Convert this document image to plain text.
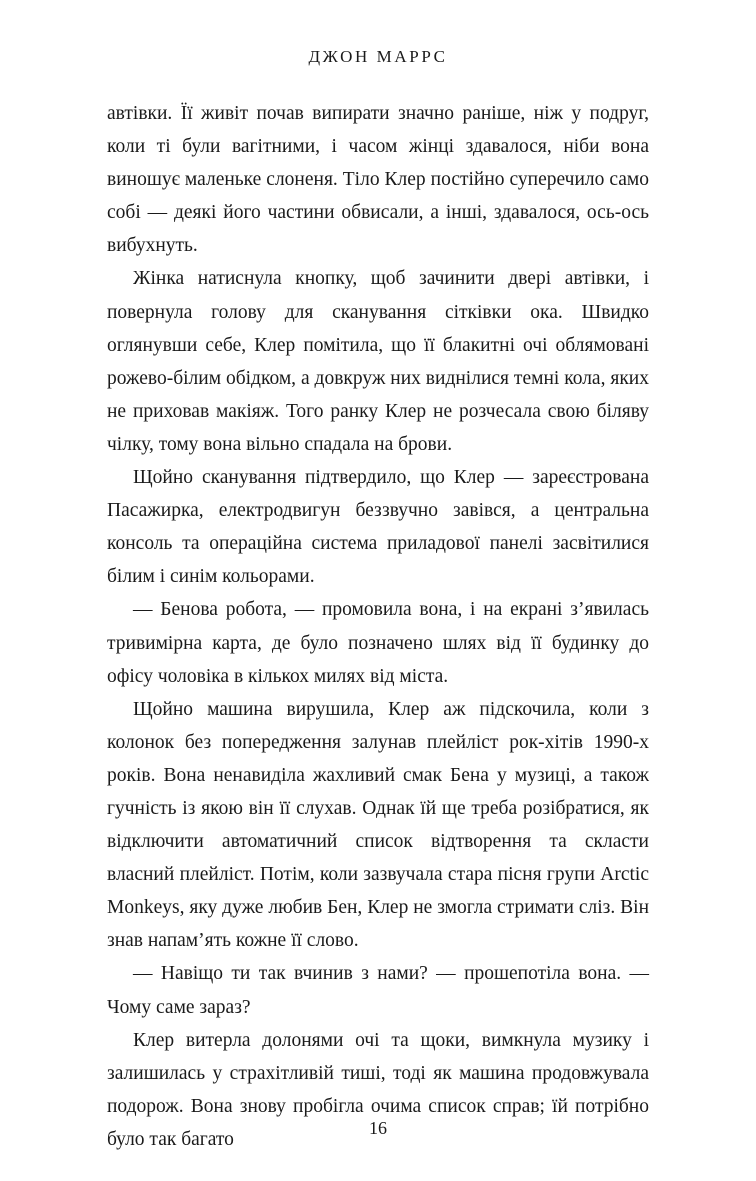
ДЖОН МАРРС

автівки. Її живіт почав випирати значно раніше, ніж у подруг, коли ті були вагітними, і часом жінці здавалося, ніби вона виношує маленьке слоненя. Тіло Клер постійно суперечило само собі — деякі його частини обвисали, а інші, здавалося, ось-ось вибухнуть.

Жінка натиснула кнопку, щоб зачинити двері автівки, і повернула голову для сканування сітківки ока. Швидко оглянувши себе, Клер помітила, що її блакитні очі облямовані рожево-білим обідком, а довкруж них виднілися темні кола, яких не приховав макіяж. Того ранку Клер не розчесала свою біляву чілку, тому вона вільно спадала на брови.

Щойно сканування підтвердило, що Клер — зареєстрована Пасажирка, електродвигун беззвучно завівся, а центральна консоль та операційна система приладової панелі засвітилися білим і синім кольорами.

— Бенова робота, — промовила вона, і на екрані з’явилась тривимірна карта, де було позначено шлях від її будинку до офісу чоловіка в кількох милях від міста.

Щойно машина вирушила, Клер аж підскочила, коли з колонок без попередження залунав плейліст рок-хітів 1990-х років. Вона ненавиділа жахливий смак Бена у музиці, а також гучність із якою він її слухав. Однак їй ще треба розібратися, як відключити автоматичний список відтворення та скласти власний плейліст. Потім, коли зазвучала стара пісня групи Arctic Monkeys, яку дуже любив Бен, Клер не змогла стримати сліз. Він знав напам’ять кожне її слово.

— Навіщо ти так вчинив з нами? — прошепотіла вона. — Чому саме зараз?

Клер витерла долонями очі та щоки, вимкнула музику і залишилась у страхітливій тиші, тоді як машина продовжувала подорож. Вона знову пробігла очима список справ; їй потрібно було так багато

16
